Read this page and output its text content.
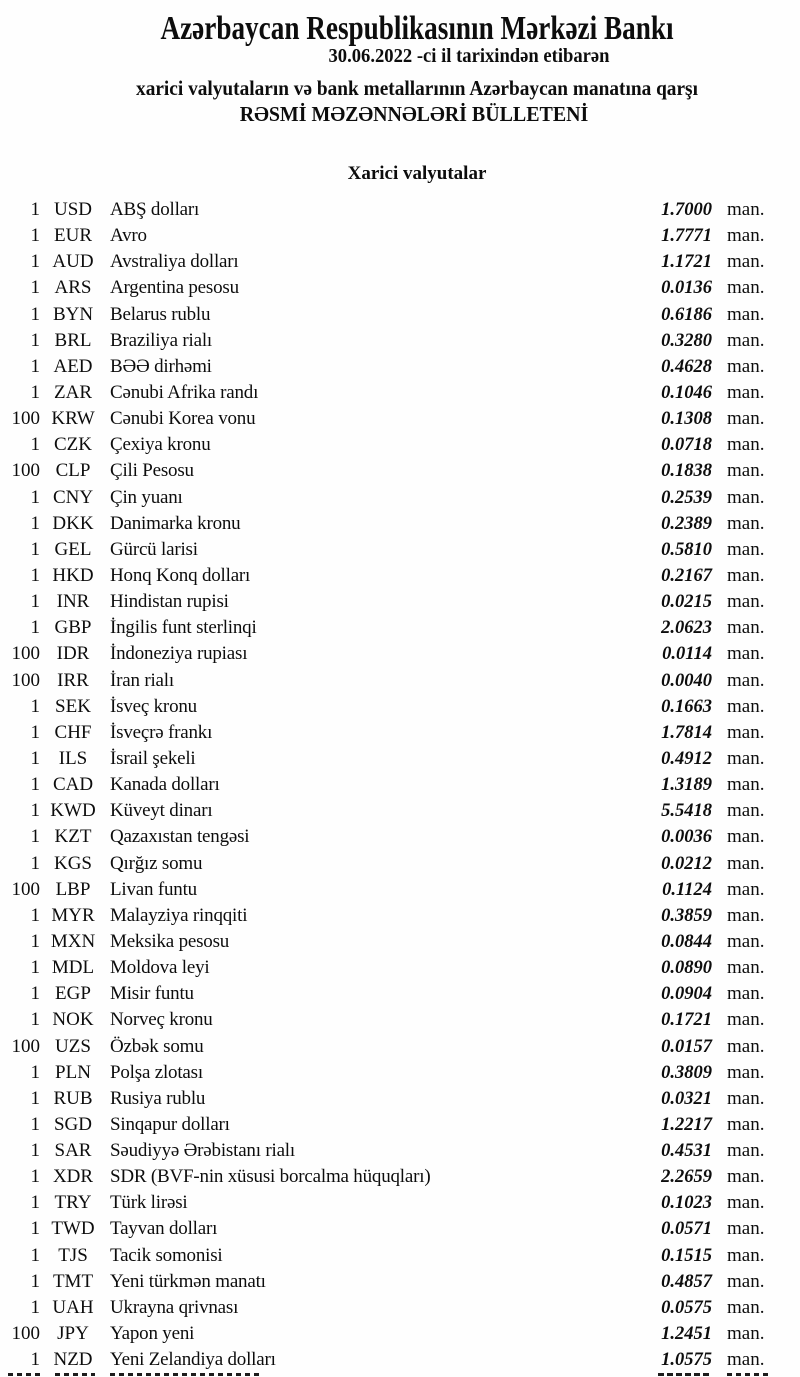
Azərbaycan Respublikasının Mərkəzi Bankı
30.06.2022 -ci il tarixindən etibarən
xarici valyutaların və bank metallarının Azərbaycan manatına qarşı
RƏSMİ MƏZƏNNƏLƏRİ BÜLLETENİ
Xarici valyutalar
1 USD ABŞ dolları	1.7000 man.
1 EUR Avro	1.7771 man.
1 AUD Avstraliya dolları	1.1721 man.
1 ARS Argentina pesosu	0.0136 man.
1 BYN Belarus rublu	0.6186 man.
1 BRL Braziliya rialı	0.3280 man.
1 AED BƏƏ dirhəmi	0.4628 man.
1 ZAR Cənubi Afrika randı	0.1046 man.
100 KRW Cənubi Korea vonu	0.1308 man.
1 CZK Çexiya kronu	0.0718 man.
100 CLP	Çili Pesosu	0.1838 man.
1 CNY Çin yuanı	0.2539 man.
1 DKK Danimarka kronu	0.2389 man.
1 GEL Gürcü larisi	0.5810 man.
1 HKD Honq Konq dolları	0.2167 man.
1 INR	Hindistan rupisi	0.0215 man.
1 GBP İngilis funt sterlinqi	2.0623 man.
100 IDR	İndoneziya rupiası	0.0114 man.
100 IRR	İran rialı	0.0040 man.
1 SEK	İsveç kronu	0.1663 man.
1 CHF İsveçrə frankı	1.7814 man.
1 ILS	İsrail şekeli	0.4912 man.
1 CAD Kanada dolları	1.3189 man.
1 KWD Küveyt dinarı	5.5418 man.
1 KZT Qazaxıstan tengəsi	0.0036 man.
1 KGS Qırğız somu	0.0212 man.
100 LBP	Livan funtu	0.1124 man.
1 MYR Malayziya rinqqiti	0.3859 man.
1 MXN Meksika pesosu	0.0844 man.
1 MDL Moldova leyi	0.0890 man.
1 EGP	Misir funtu	0.0904 man.
1 NOK Norveç kronu	0.1721 man.
100 UZS	Özbək somu	0.0157 man.
1 PLN	Polşa zlotası	0.3809 man.
1 RUB Rusiya rublu	0.0321 man.
1 SGD Sinqapur dolları	1.2217 man.
1 SAR Səudiyyə Ərəbistanı rialı	0.4531 man.
1 XDR SDR (BVF-nin xüsusi borcalma hüquqları)	2.2659 man.
1 TRY Türk lirəsi	0.1023 man.
1 TWD Tayvan dolları	0.0571 man.
1 TJS	Tacik somonisi	0.1515 man.
1 TMT Yeni türkmən manatı	0.4857 man.
1 UAH Ukrayna qrivnası	0.0575 man.
100 JPY	Yapon yeni	1.2451 man.
1 NZD Yeni Zelandiya dolları	1.0575 man.
